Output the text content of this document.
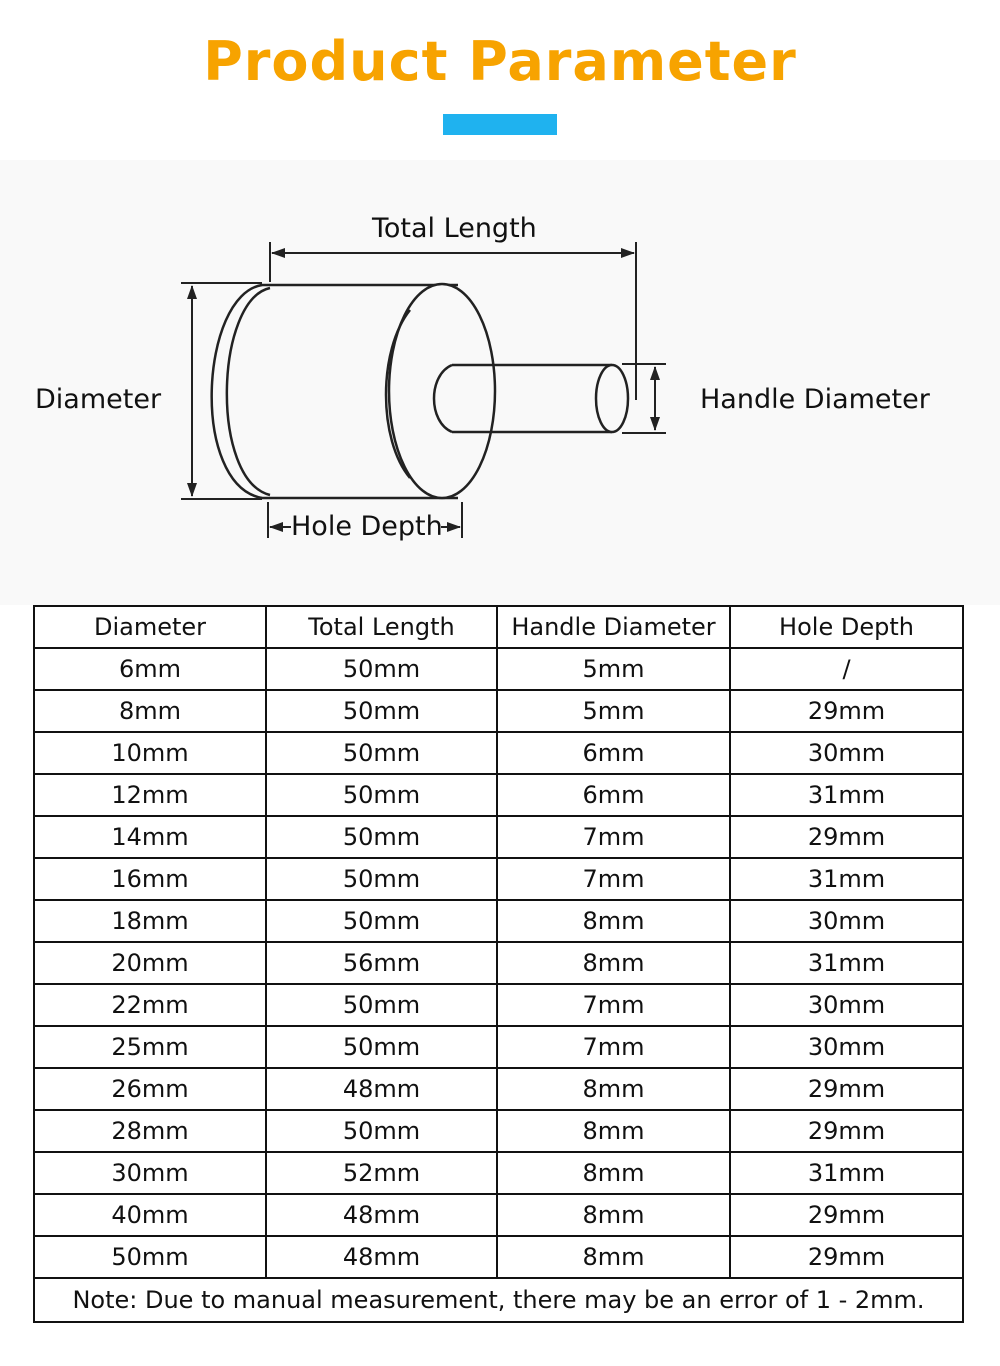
Product Parameter
Total Length
Diameter	Handle Diameter
Hole Depth
Diameter	Total Length	Handle Diameter	Hole Depth
6mm	50mm	5mm	/
8mm	50mm	5mm	29mm
10mm	50mm	6mm	30mm
12mm	50mm	6mm	31mm
14mm	50mm	7mm	29mm
16mm	50mm	7mm	31mm
18mm	50mm	8mm	30mm
20mm	56mm	8mm	31mm
22mm	50mm	7mm	30mm
25mm	50mm	7mm	30mm
26mm	48mm	8mm	29mm
28mm	50mm	8mm	29mm
30mm	52mm	8mm	31mm
40mm	48mm	8mm	29mm
50mm	48mm	8mm	29mm
Note: Due to manual measurement, there may be an error of 1 - 2mm.			
